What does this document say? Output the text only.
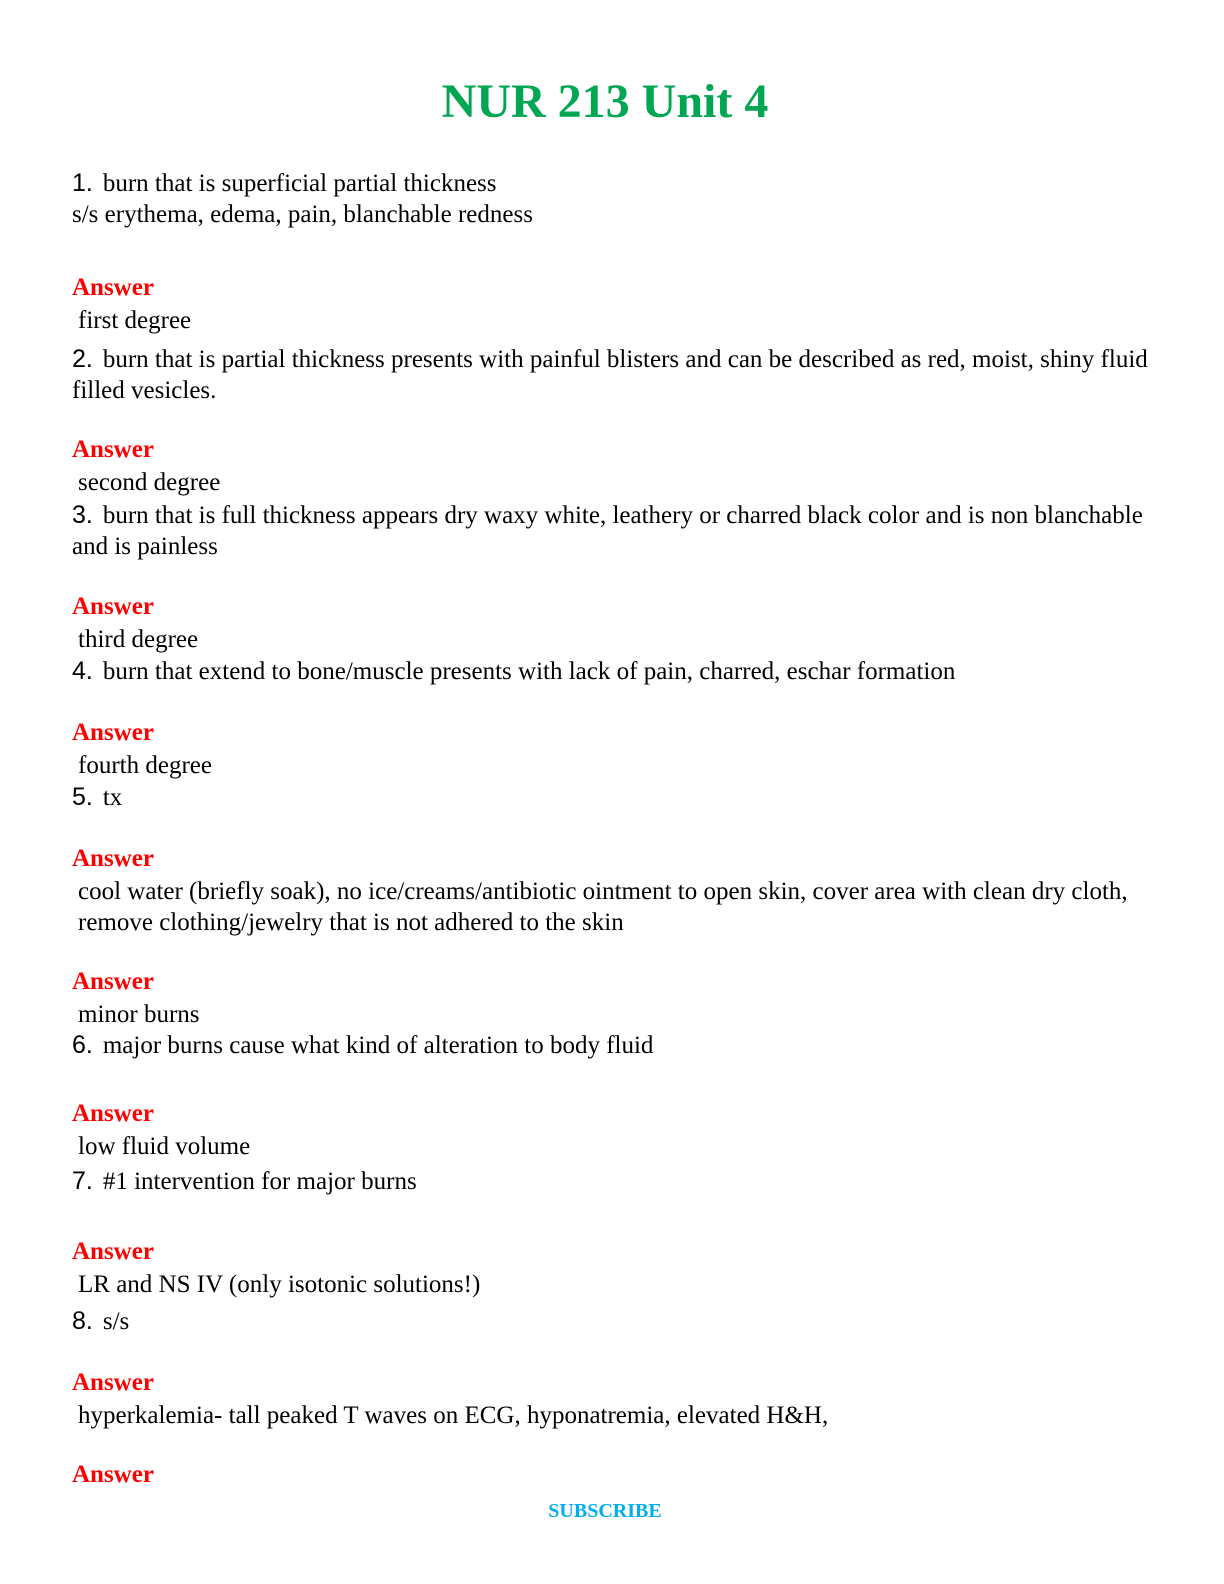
NUR 213 Unit 4

1. burn that is superficial partial thickness
s/s erythema, edema, pain, blanchable redness

Answer

first degree

2. burn that is partial thickness presents with painful blisters and can be described as red, moist, shiny fluid filled vesicles.

Answer

second degree

3. burn that is full thickness appears dry waxy white, leathery or charred black color and is non blanchable and is painless

Answer

third degree

4. burn that extend to bone/muscle presents with lack of pain, charred, eschar formation

Answer

fourth degree

5. tx

Answer

cool water (briefly soak), no ice/creams/antibiotic ointment to open skin, cover area with clean dry cloth, remove clothing/jewelry that is not adhered to the skin

Answer

minor burns

6. major burns cause what kind of alteration to body fluid

Answer

low fluid volume

7. #1 intervention for major burns

Answer

LR and NS IV (only isotonic solutions!)

8. s/s

Answer

hyperkalemia- tall peaked T waves on ECG, hyponatremia, elevated H&H,

Answer

SUBSCRIBE
